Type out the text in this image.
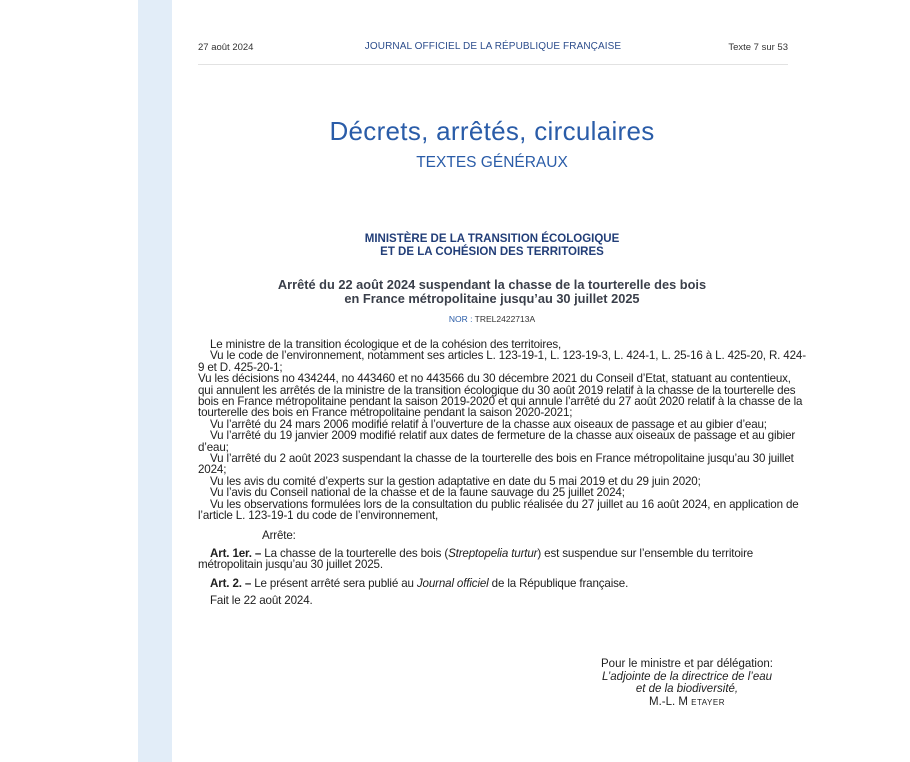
27 août 2024	JOURNAL OFFICIEL DE LA RÉPUBLIQUE FRANÇAISE	Texte 7 sur 53
Décrets, arrêtés, circulaires
TEXTES GÉNÉRAUX
MINISTÈRE DE LA TRANSITION ÉCOLOGIQUE
ET DE LA COHÉSION DES TERRITOIRES
Arrêté du 22 août 2024 suspendant la chasse de la tourterelle des bois
en France métropolitaine jusqu’au 30 juillet 2025
NOR : TREL2422713A

Le ministre de la transition écologique et de la cohésion des territoires,

Vu le code de l’environnement, notamment ses articles L. 123-19-1, L. 123-19-3, L. 424-1, L. 25-16 à L. 425-20, R. 424-9 et D. 425-20-1;

Vu les décisions no 434244, no 443460 et no 443566 du 30 décembre 2021 du Conseil d’Etat, statuant au contentieux, qui annulent les arrêtés de la ministre de la transition écologique du 30 août 2019 relatif à la chasse de la tourterelle des bois en France métropolitaine pendant la saison 2019-2020 et qui annule l’arrêté du 27 août 2020 relatif à la chasse de la tourterelle des bois en France métropolitaine pendant la saison 2020-2021;

Vu l’arrêté du 24 mars 2006 modifié relatif à l’ouverture de la chasse aux oiseaux de passage et au gibier d’eau;

Vu l’arrêté du 19 janvier 2009 modifié relatif aux dates de fermeture de la chasse aux oiseaux de passage et au gibier d’eau;

Vu l’arrêté du 2 août 2023 suspendant la chasse de la tourterelle des bois en France métropolitaine jusqu’au 30 juillet 2024;

Vu les avis du comité d’experts sur la gestion adaptative en date du 5 mai 2019 et du 29 juin 2020;

Vu l’avis du Conseil national de la chasse et de la faune sauvage du 25 juillet 2024;

Vu les observations formulées lors de la consultation du public réalisée du 27 juillet au 16 août 2024, en application de l’article L. 123-19-1 du code de l’environnement,

Arrête:

Art. 1er. – La chasse de la tourterelle des bois (Streptopelia turtur) est suspendue sur l’ensemble du territoire métropolitain jusqu’au 30 juillet 2025.

Art. 2. – Le présent arrêté sera publié au Journal officiel de la République française.

Fait le 22 août 2024.

Pour le ministre et par délégation:
L’adjointe de la directrice de l’eau
et de la biodiversité,
M.-L. M ETAYER
